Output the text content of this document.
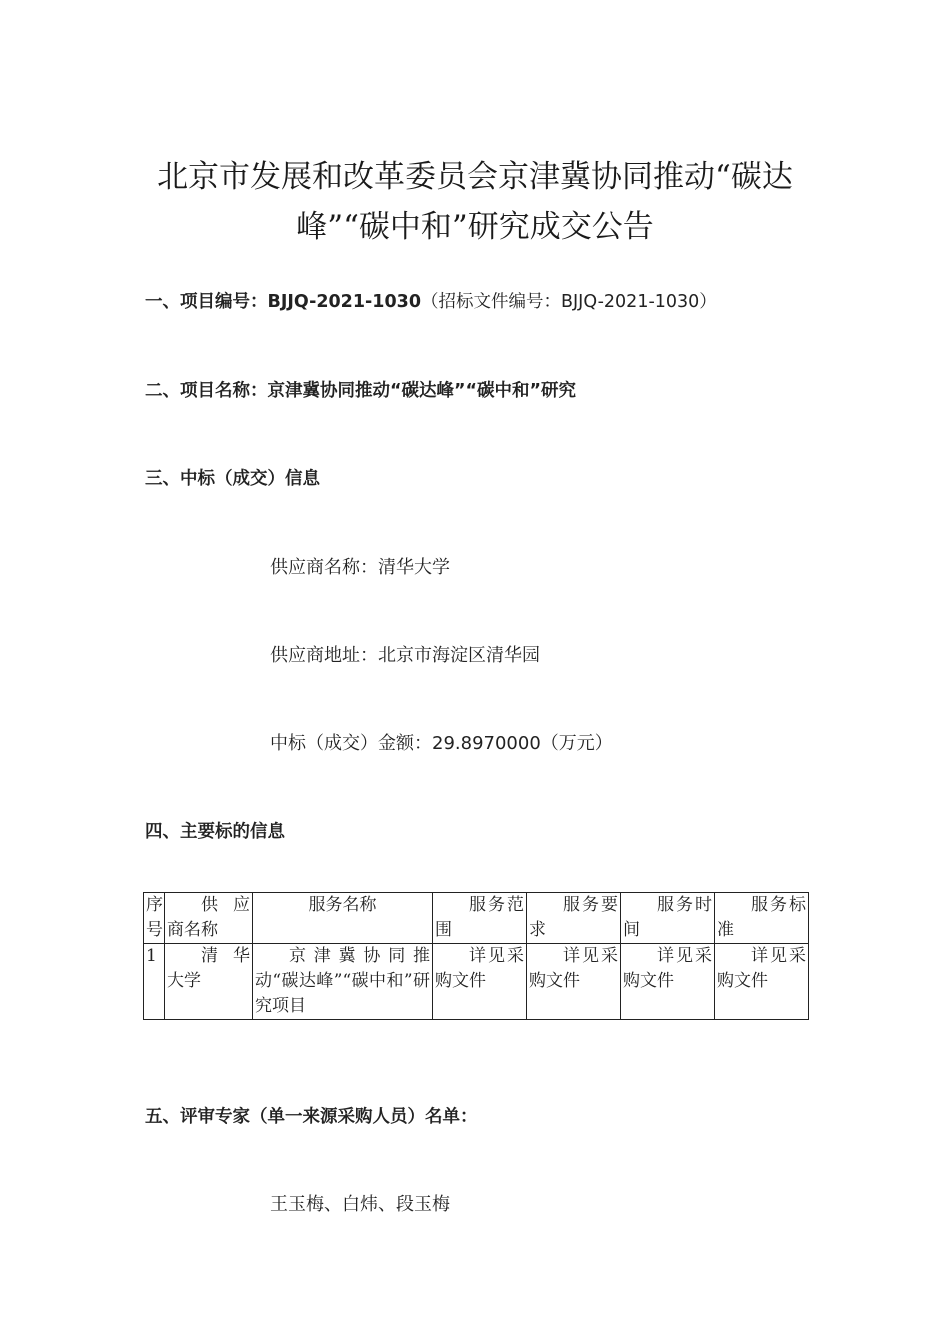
北京市发展和改革委员会京津冀协同推动“碳达
峰”“碳中和”研究成交公告
一、项目编号：BJJQ-2021-1030（招标文件编号：BJJQ-2021-1030）
二、项目名称：京津冀协同推动“碳达峰”“碳中和”研究
三、中标（成交）信息
供应商名称：清华大学
供应商地址：北京市海淀区清华园
中标（成交）金额：29.8970000（万元）
四、主要标的信息
序号	供应商名称	服务名称	服务范围	服务要求	服务时间	服务标准
1	清华大学	京津冀协同推动“碳达峰”“碳中和”研究项目	详见采购文件	详见采购文件	详见采购文件	详见采购文件
五、评审专家（单一来源采购人员）名单：
王玉梅、白炜、段玉梅
